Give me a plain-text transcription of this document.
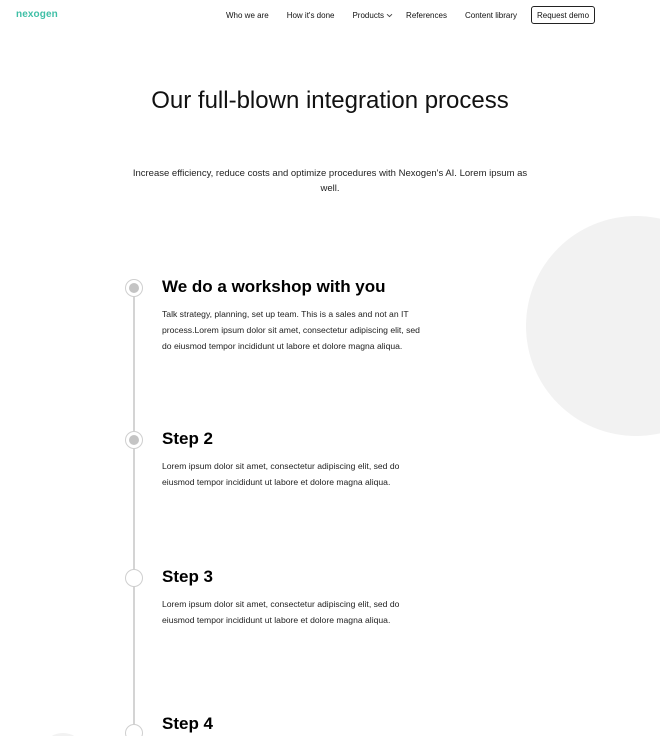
nexogen	Who we are How it's done Products	References Content library	Request demo
Our full-blown integration process

Increase efficiency, reduce costs and optimize procedures with Nexogen's AI. Lorem ipsum as well.

We do a workshop with you

Talk strategy, planning, set up team. This is a sales and not an IT process.Lorem ipsum dolor sit amet, consectetur adipiscing elit, sed do eiusmod tempor incididunt ut labore et dolore magna aliqua.

Step 2

Lorem ipsum dolor sit amet, consectetur adipiscing elit, sed do eiusmod tempor incididunt ut labore et dolore magna aliqua.

Step 3

Lorem ipsum dolor sit amet, consectetur adipiscing elit, sed do eiusmod tempor incididunt ut labore et dolore magna aliqua.

Step 4
